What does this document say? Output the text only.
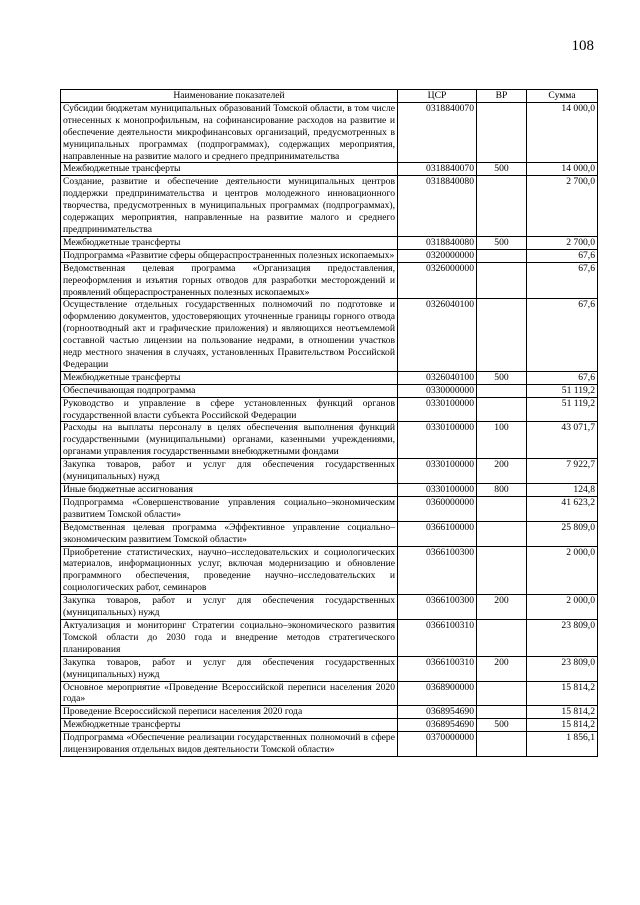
108
Наименование показателей	ЦСР	ВР	Сумма
Субсидии бюджетам муниципальных образований Томской области, в том числе отнесенных к монопрофильным, на софинансирование расходов на развитие и обеспечение деятельности микрофинансовых организаций, предусмотренных в муниципальных программах (подпрограммах), содержащих мероприятия, направленные на развитие малого и среднего предпринимательства	0318840070		14 000,0
Межбюджетные трансферты	0318840070	500	14 000,0
Создание, развитие и обеспечение деятельности муниципальных центров поддержки предпринимательства и центров молодежного инновационного творчества, предусмотренных в муниципальных программах (подпрограммах), содержащих мероприятия, направленные на развитие малого и среднего предпринимательства	0318840080		2 700,0
Межбюджетные трансферты	0318840080	500	2 700,0
Подпрограмма «Развитие сферы общераспространенных полезных ископаемых»	0320000000		67,6
Ведомственная целевая программа «Организация предоставления, переоформления и изъятия горных отводов для разработки месторождений и проявлений общераспространенных полезных ископаемых»	0326000000		67,6
Осуществление отдельных государственных полномочий по подготовке и оформлению документов, удостоверяющих уточненные границы горного отвода (горноотводный акт и графические приложения) и являющихся неотъемлемой составной частью лицензии на пользование недрами, в отношении участков недр местного значения в случаях, установленных Правительством Российской Федерации	0326040100		67,6
Межбюджетные трансферты	0326040100	500	67,6
Обеспечивающая подпрограмма	0330000000		51 119,2
Руководство и управление в сфере установленных функций органов государственной власти субъекта Российской Федерации	0330100000		51 119,2
Расходы на выплаты персоналу в целях обеспечения выполнения функций государственными (муниципальными) органами, казенными учреждениями, органами управления государственными внебюджетными фондами	0330100000	100	43 071,7
Закупка товаров, работ и услуг для обеспечения государственных (муниципальных) нужд	0330100000	200	7 922,7
Иные бюджетные ассигнования	0330100000	800	124,8
Подпрограмма «Совершенствование управления социально–экономическим развитием Томской области»	0360000000		41 623,2
Ведомственная целевая программа «Эффективное управление социально–экономическим развитием Томской области»	0366100000		25 809,0
Приобретение статистических, научно–исследовательских и социологических материалов, информационных услуг, включая модернизацию и обновление программного обеспечения, проведение научно–исследовательских и социологических работ, семинаров	0366100300		2 000,0
Закупка товаров, работ и услуг для обеспечения государственных (муниципальных) нужд	0366100300	200	2 000,0
Актуализация и мониторинг Стратегии социально–экономического развития Томской области до 2030 года и внедрение методов стратегического планирования	0366100310		23 809,0
Закупка товаров, работ и услуг для обеспечения государственных (муниципальных) нужд	0366100310	200	23 809,0
Основное мероприятие «Проведение Всероссийской переписи населения 2020 года»	0368900000		15 814,2
Проведение Всероссийской переписи населения 2020 года	0368954690		15 814,2
Межбюджетные трансферты	0368954690	500	15 814,2
Подпрограмма «Обеспечение реализации государственных полномочий в сфере лицензирования отдельных видов деятельности Томской области»	0370000000		1 856,1
